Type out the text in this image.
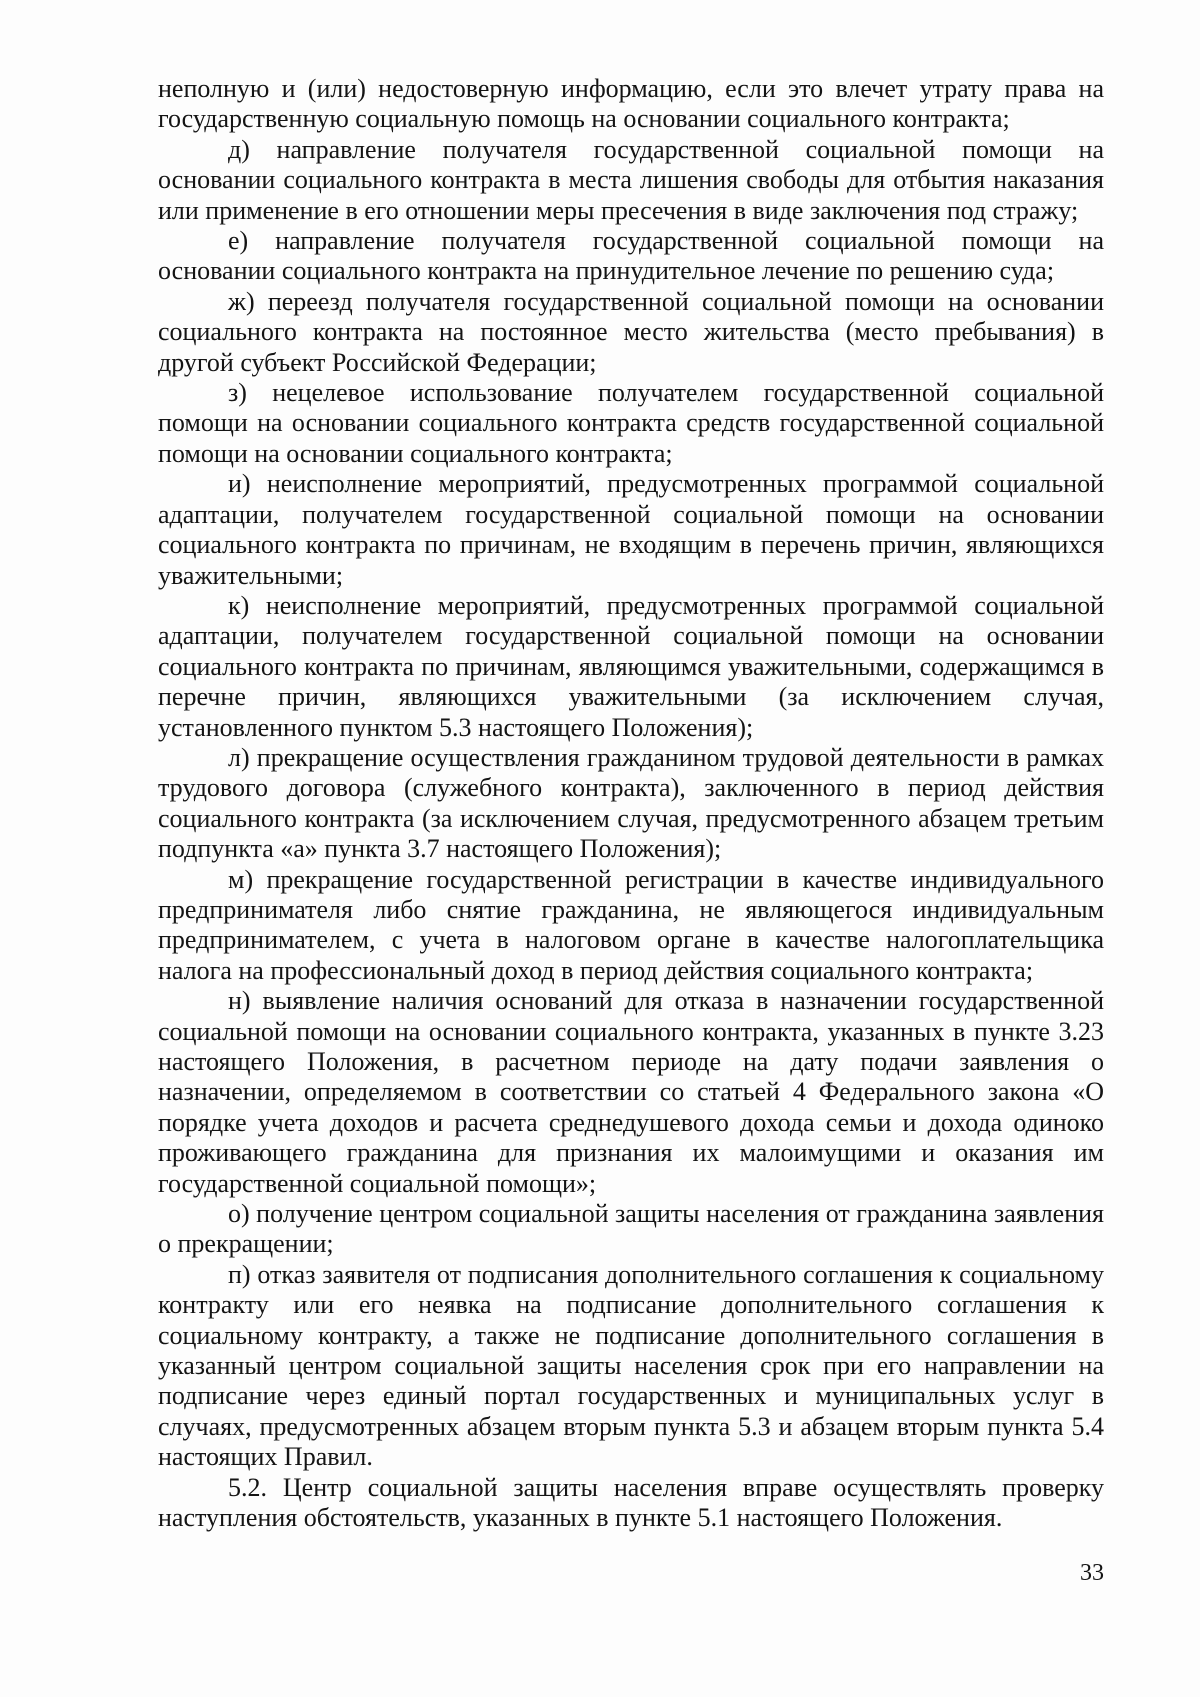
неполную и (или) недостоверную информацию, если это влечет утрату права на государственную социальную помощь на основании социального контракта;

д) направление получателя государственной социальной помощи на основании социального контракта в места лишения свободы для отбытия наказания или применение в его отношении меры пресечения в виде заключения под стражу;

е) направление получателя государственной социальной помощи на основании социального контракта на принудительное лечение по решению суда;

ж) переезд получателя государственной социальной помощи на основании социального контракта на постоянное место жительства (место пребывания) в другой субъект Российской Федерации;

з) нецелевое использование получателем государственной социальной помощи на основании социального контракта средств государственной социальной помощи на основании социального контракта;

и) неисполнение мероприятий, предусмотренных программой социальной адаптации, получателем государственной социальной помощи на основании социального контракта по причинам, не входящим в перечень причин, являющихся уважительными;

к) неисполнение мероприятий, предусмотренных программой социальной адаптации, получателем государственной социальной помощи на основании социального контракта по причинам, являющимся уважительными, содержащимся в перечне причин, являющихся уважительными (за исключением случая, установленного пунктом 5.3 настоящего Положения);

л) прекращение осуществления гражданином трудовой деятельности в рамках трудового договора (служебного контракта), заключенного в период действия социального контракта (за исключением случая, предусмотренного абзацем третьим подпункта «а» пункта 3.7 настоящего Положения);

м) прекращение государственной регистрации в качестве индивидуального предпринимателя либо снятие гражданина, не являющегося индивидуальным предпринимателем, с учета в налоговом органе в качестве налогоплательщика налога на профессиональный доход в период действия социального контракта;

н) выявление наличия оснований для отказа в назначении государственной социальной помощи на основании социального контракта, указанных в пункте 3.23 настоящего Положения, в расчетном периоде на дату подачи заявления о назначении, определяемом в соответствии со статьей 4 Федерального закона «О порядке учета доходов и расчета среднедушевого дохода семьи и дохода одиноко проживающего гражданина для признания их малоимущими и оказания им государственной социальной помощи»;

о) получение центром социальной защиты населения от гражданина заявления о прекращении;

п) отказ заявителя от подписания дополнительного соглашения к социальному контракту или его неявка на подписание дополнительного соглашения к социальному контракту, а также не подписание дополнительного соглашения в указанный центром социальной защиты населения срок при его направлении на подписание через единый портал государственных и муниципальных услуг в случаях, предусмотренных абзацем вторым пункта 5.3 и абзацем вторым пункта 5.4 настоящих Правил.

5.2. Центр социальной защиты населения вправе осуществлять проверку наступления обстоятельств, указанных в пункте 5.1 настоящего Положения.

33
